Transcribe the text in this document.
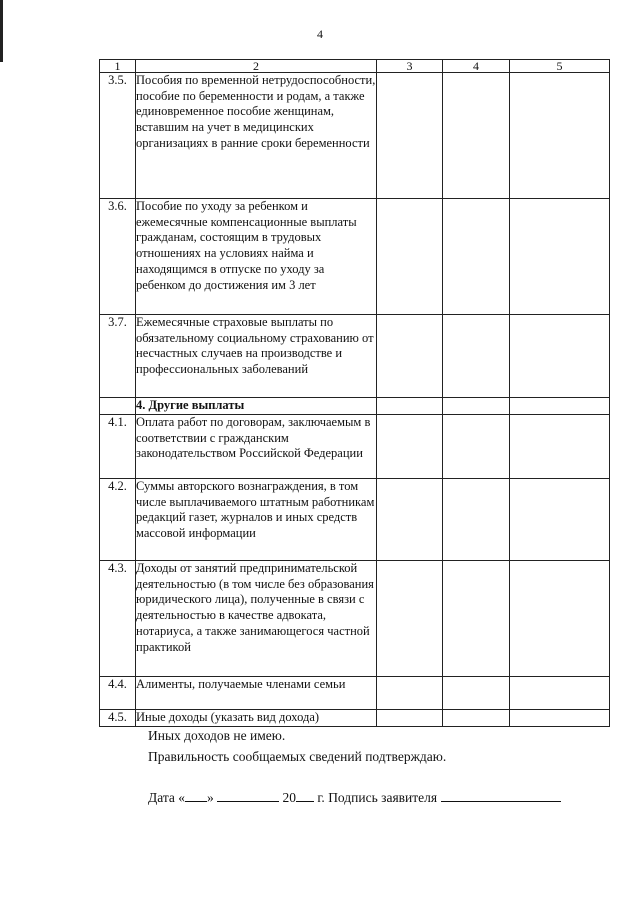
4
1	2	3	4	5
3.5.	Пособия по временной нетрудоспособности, пособие по беременности и родам, а также единовременное пособие женщинам, вставшим на учет в медицинских организациях в ранние сроки беременности			
3.6.	Пособие по уходу за ребенком и ежемесячные компенсационные выплаты гражданам, состоящим в трудовых отношениях на условиях найма и находящимся в отпуске по уходу за ребенком до достижения им 3 лет			
3.7.	Ежемесячные страховые выплаты по обязательному социальному страхованию от несчастных случаев на производстве и профессиональных заболеваний			
	4. Другие выплаты			
4.1.	Оплата работ по договорам, заключаемым в соответствии с гражданским законодательством Российской Федерации			
4.2.	Суммы авторского вознаграждения, в том числе выплачиваемого штатным работникам редакций газет, журналов и иных средств массовой информации			
4.3.	Доходы от занятий предпринимательской деятельностью (в том числе без образования юридического лица), полученные в связи с деятельностью в качестве адвоката, нотариуса, а также занимающегося частной практикой			
4.4.	Алименты, получаемые членами семьи			
4.5.	Иные доходы (указать вид дохода)			
Иных доходов не имею.
Правильность сообщаемых сведений подтверждаю.
Дата « »	20 г. Подпись заявителя
